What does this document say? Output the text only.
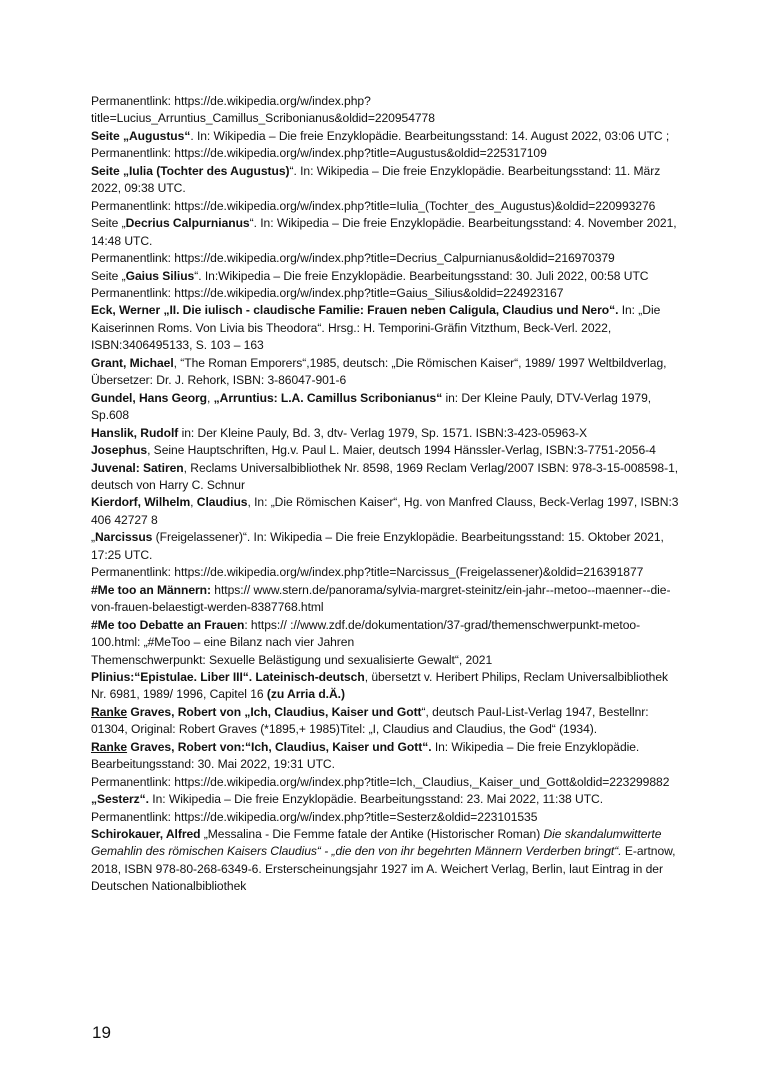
Permanentlink: https://de.wikipedia.org/w/index.php?title=Lucius_Arruntius_Camillus_Scribonianus&oldid=220954778

Seite „Augustus“. In: Wikipedia – Die freie Enzyklopädie. Bearbeitungsstand: 14. August 2022, 03:06 UTC ; Permanentlink: https://de.wikipedia.org/w/index.php?title=Augustus&oldid=225317109

Seite „Iulia (Tochter des Augustus)“. In: Wikipedia – Die freie Enzyklopädie. Bearbeitungsstand: 11. März 2022, 09:38 UTC.

Permanentlink: https://de.wikipedia.org/w/index.php?title=Iulia_(Tochter_des_Augustus)&oldid=220993276

Seite „Decrius Calpurnianus“. In: Wikipedia – Die freie Enzyklopädie. Bearbeitungsstand: 4. November 2021, 14:48 UTC.

Permanentlink: https://de.wikipedia.org/w/index.php?title=Decrius_Calpurnianus&oldid=216970379

Seite „Gaius Silius“. In:Wikipedia – Die freie Enzyklopädie. Bearbeitungsstand: 30. Juli 2022, 00:58 UTC Permanentlink: https://de.wikipedia.org/w/index.php?title=Gaius_Silius&oldid=224923167

Eck, Werner „II. Die iulisch - claudische Familie: Frauen neben Caligula, Claudius und Nero“. In: „Die Kaiserinnen Roms. Von Livia bis Theodora“. Hrsg.: H. Temporini-Gräfin Vitzthum, Beck-Verl. 2022, ISBN:3406495133, S. 103 – 163

Grant, Michael, “The Roman Emporers“,1985, deutsch: „Die Römischen Kaiser“, 1989/ 1997 Weltbildverlag, Übersetzer: Dr. J. Rehork, ISBN: 3-86047-901-6

Gundel, Hans Georg, „Arruntius: L.A. Camillus Scribonianus“ in: Der Kleine Pauly, DTV-Verlag 1979, Sp.608

Hanslik, Rudolf in: Der Kleine Pauly, Bd. 3, dtv- Verlag 1979, Sp. 1571. ISBN:3-423-05963-X

Josephus, Seine Hauptschriften, Hg.v. Paul L. Maier, deutsch 1994 Hänssler-Verlag, ISBN:3-7751-2056-4

Juvenal: Satiren, Reclams Universalbibliothek Nr. 8598, 1969 Reclam Verlag/2007 ISBN: 978-3-15-008598-1, deutsch von Harry C. Schnur

Kierdorf, Wilhelm, Claudius, In: „Die Römischen Kaiser“, Hg. von Manfred Clauss, Beck-Verlag 1997, ISBN:3 406 42727 8

„Narcissus (Freigelassener)“. In: Wikipedia – Die freie Enzyklopädie. Bearbeitungsstand: 15. Oktober 2021, 17:25 UTC.

Permanentlink: https://de.wikipedia.org/w/index.php?title=Narcissus_(Freigelassener)&oldid=216391877

#Me too an Männern: https:// www.stern.de/panorama/sylvia-margret-steinitz/ein-jahr--metoo--maenner--die-von-frauen-belaestigt-werden-8387768.html

#Me too Debatte an Frauen: https:// ://www.zdf.de/dokumentation/37-grad/themenschwerpunkt-metoo-100.html: „#MeToo – eine Bilanz nach vier Jahren

Themenschwerpunkt: Sexuelle Belästigung und sexualisierte Gewalt“, 2021

Plinius:“Epistulae. Liber III“. Lateinisch-deutsch, übersetzt v. Heribert Philips, Reclam Universalbibliothek Nr. 6981, 1989/ 1996, Capitel 16 (zu Arria d.Ä.)

Ranke Graves, Robert von „Ich, Claudius, Kaiser und Gott“, deutsch Paul-List-Verlag 1947, Bestellnr: 01304, Original: Robert Graves (*1895,+ 1985)Titel: „I, Claudius and Claudius, the God“ (1934).

Ranke Graves, Robert von:“Ich, Claudius, Kaiser und Gott“. In: Wikipedia – Die freie Enzyklopädie. Bearbeitungsstand: 30. Mai 2022, 19:31 UTC.

Permanentlink: https://de.wikipedia.org/w/index.php?title=Ich,_Claudius,_Kaiser_und_Gott&oldid=223299882

„Sesterz“. In: Wikipedia – Die freie Enzyklopädie. Bearbeitungsstand: 23. Mai 2022, 11:38 UTC.

Permanentlink: https://de.wikipedia.org/w/index.php?title=Sesterz&oldid=223101535

Schirokauer, Alfred „Messalina - Die Femme fatale der Antike (Historischer Roman) Die skandalumwitterte Gemahlin des römischen Kaisers Claudius“ - „die den von ihr begehrten Männern Verderben bringt“. E-artnow, 2018, ISBN 978-80-268-6349-6. Ersterscheinungsjahr 1927 im A. Weichert Verlag, Berlin, laut Eintrag in der Deutschen Nationalbibliothek

19
